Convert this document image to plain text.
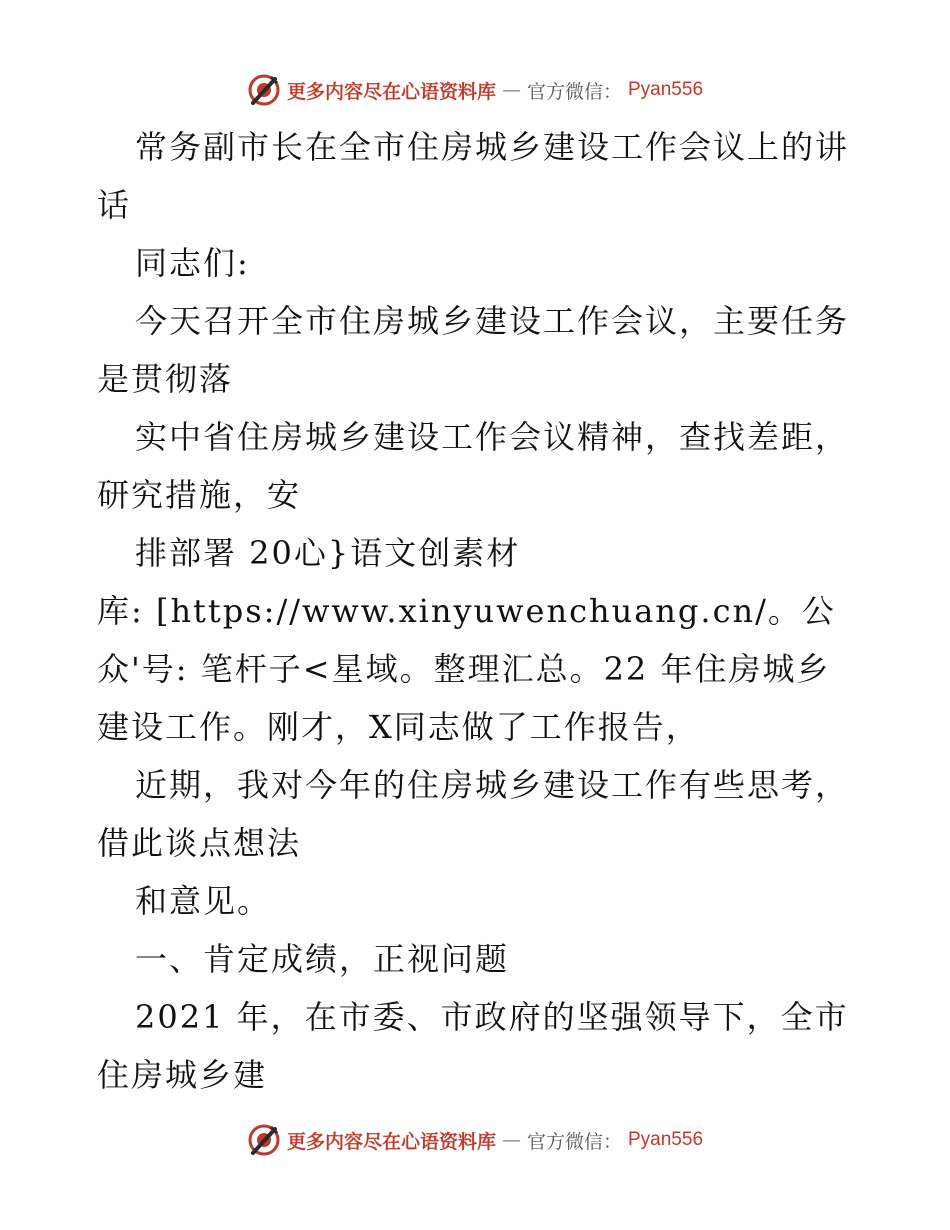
更多内容尽在心语资料库 — 官方微信： Pyan556
常务副市长在全市住房城乡建设工作会议上的讲
话
同志们:
今天召开全市住房城乡建设工作会议，主要任务
是贯彻落
实中省住房城乡建设工作会议精神，查找差距，
研究措施，安
排部署 20心}语文创素材
库: [https://www.xinyuwenchuang.cn/。公
众'号: 笔杆子<星域。整理汇总。22 年住房城乡
建设工作。刚才，X同志做了工作报告，
近期，我对今年的住房城乡建设工作有些思考，
借此谈点想法
和意见。
一、肯定成绩，正视问题
2021 年，在市委、市政府的坚强领导下，全市
住房城乡建
更多内容尽在心语资料库 — 官方微信： Pyan556
